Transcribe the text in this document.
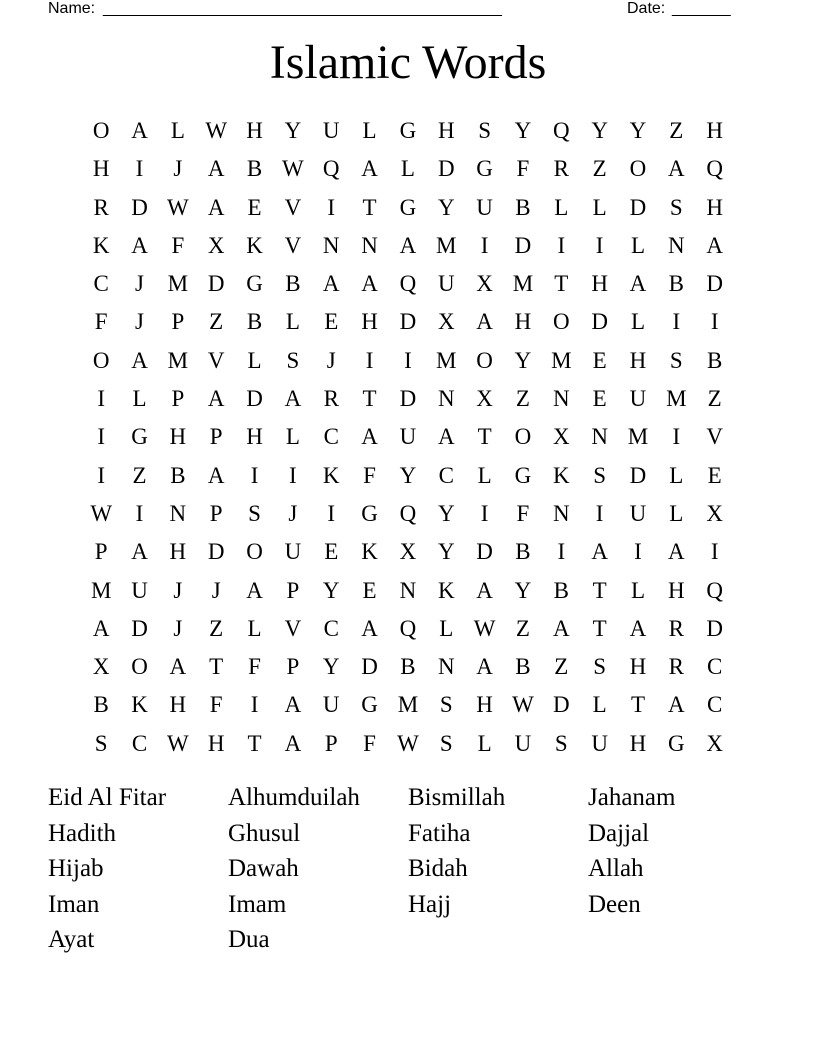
Name: ________________________________________________	Date: _______
Islamic Words
O A	L W H Y U	L	G H	S	Y Q Y Y	Z	H
H	I	J	A B W Q A	L	D G	F	R	Z	O A Q
R D W A	E	V	I	T	G Y U B	L	L	D	S	H
K A	F	X K V N N A M	I	D	I	I	L	N A
C	J	M D G B A A Q U X M T	H A B D
F	J	P	Z	B	L	E	H D X A H O D	L	I	I
O A M V	L	S	J	I	I	M O Y M E	H	S	B
I	L	P	A D A R	T	D N X	Z	N	E	U M Z
I	G H	P	H	L	C A U A	T	O X N M	I	V
I	Z	B A	I	I	K	F	Y C	L	G K	S	D	L	E
W	I	N	P	S	J	I	G Q Y	I	F	N	I	U	L	X
P	A H D O U	E	K X Y D B	I	A	I	A	I
M U	J	J	A	P	Y	E	N K A Y B	T	L	H Q
A D	J	Z	L	V C A Q	L W Z	A	T	A R D
X O A	T	F	P	Y D B N A B	Z	S	H R	C
B K H	F	I	A U G M S	H W D	L	T	A C
S	C W H	T	A	P	F W S	L	U	S	U H G X
Eid Al Fitar	Alhumduilah	Bismillah	Jahanam
Hadith	Ghusul	Fatiha	Dajjal
Hijab	Dawah	Bidah	Allah
Iman	Imam	Hajj	Deen
Ayat	Dua
